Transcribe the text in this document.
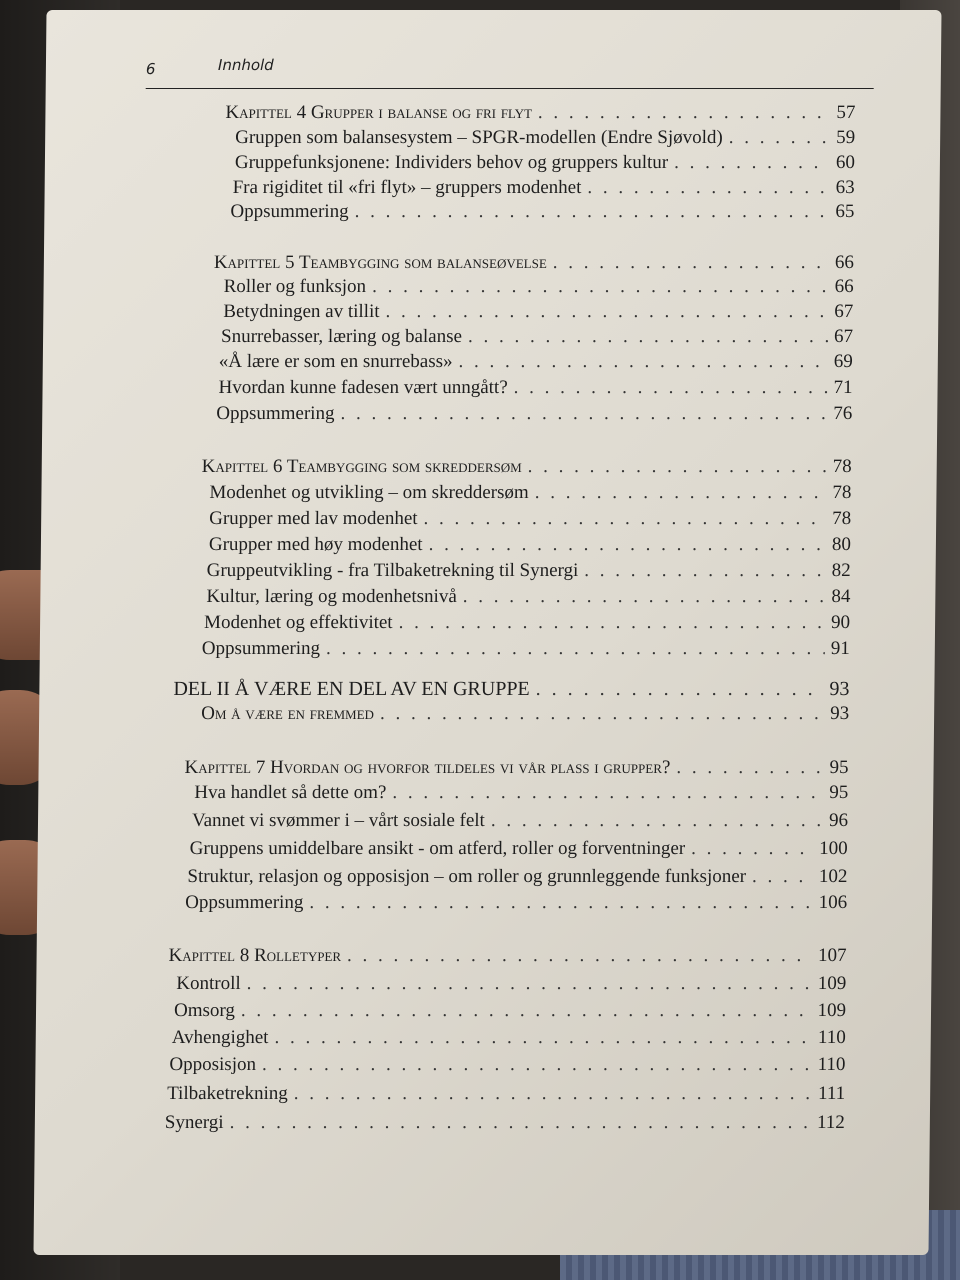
6	Innhold
Kapittel 4 Grupper i balanse og fri flyt . . .	57
Gruppen som balansesystem – SPGR-modellen (Endre Sjøvold) . . .	59
Gruppefunksjonene: Individers behov og gruppers kultur . . .	60
Fra rigiditet til «fri flyt» – gruppers modenhet . . .	63
Oppsummering . . .	65
Kapittel 5 Teambygging som balanseøvelse . . .	66
Roller og funksjon . . .	66
Betydningen av tillit . . .	67
Snurrebasser, læring og balanse . . .	67
«Å lære er som en snurrebass» . . .	69
Hvordan kunne fadesen vært unngått? . . .	71
Oppsummering . . .	76
Kapittel 6 Teambygging som skreddersøm . . .	78
Modenhet og utvikling – om skreddersøm . . .	78
Grupper med lav modenhet . . .	78
Grupper med høy modenhet . . .	80
Gruppeutvikling - fra Tilbaketrekning til Synergi . . .	82
Kultur, læring og modenhetsnivå . . .	84
Modenhet og effektivitet . . .	90
Oppsummering . . .	91
DEL II Å VÆRE EN DEL AV EN GRUPPE . . .	93
Om å være en fremmed . . .	93
Kapittel 7 Hvordan og hvorfor tildeles vi vår plass i grupper? . . .	95
Hva handlet så dette om? . . .	95
Vannet vi svømmer i – vårt sosiale felt . . .	96
Gruppens umiddelbare ansikt - om atferd, roller og forventninger . . .	100
Struktur, relasjon og opposisjon – om roller og grunnleggende funksjoner . . .	102
Oppsummering . . .	106
Kapittel 8 Rolletyper . . .	107
Kontroll . . .	109
Omsorg . . .	109
Avhengighet . . .	110
Opposisjon . . .	110
Tilbaketrekning . . .	111
Synergi . . .	112
